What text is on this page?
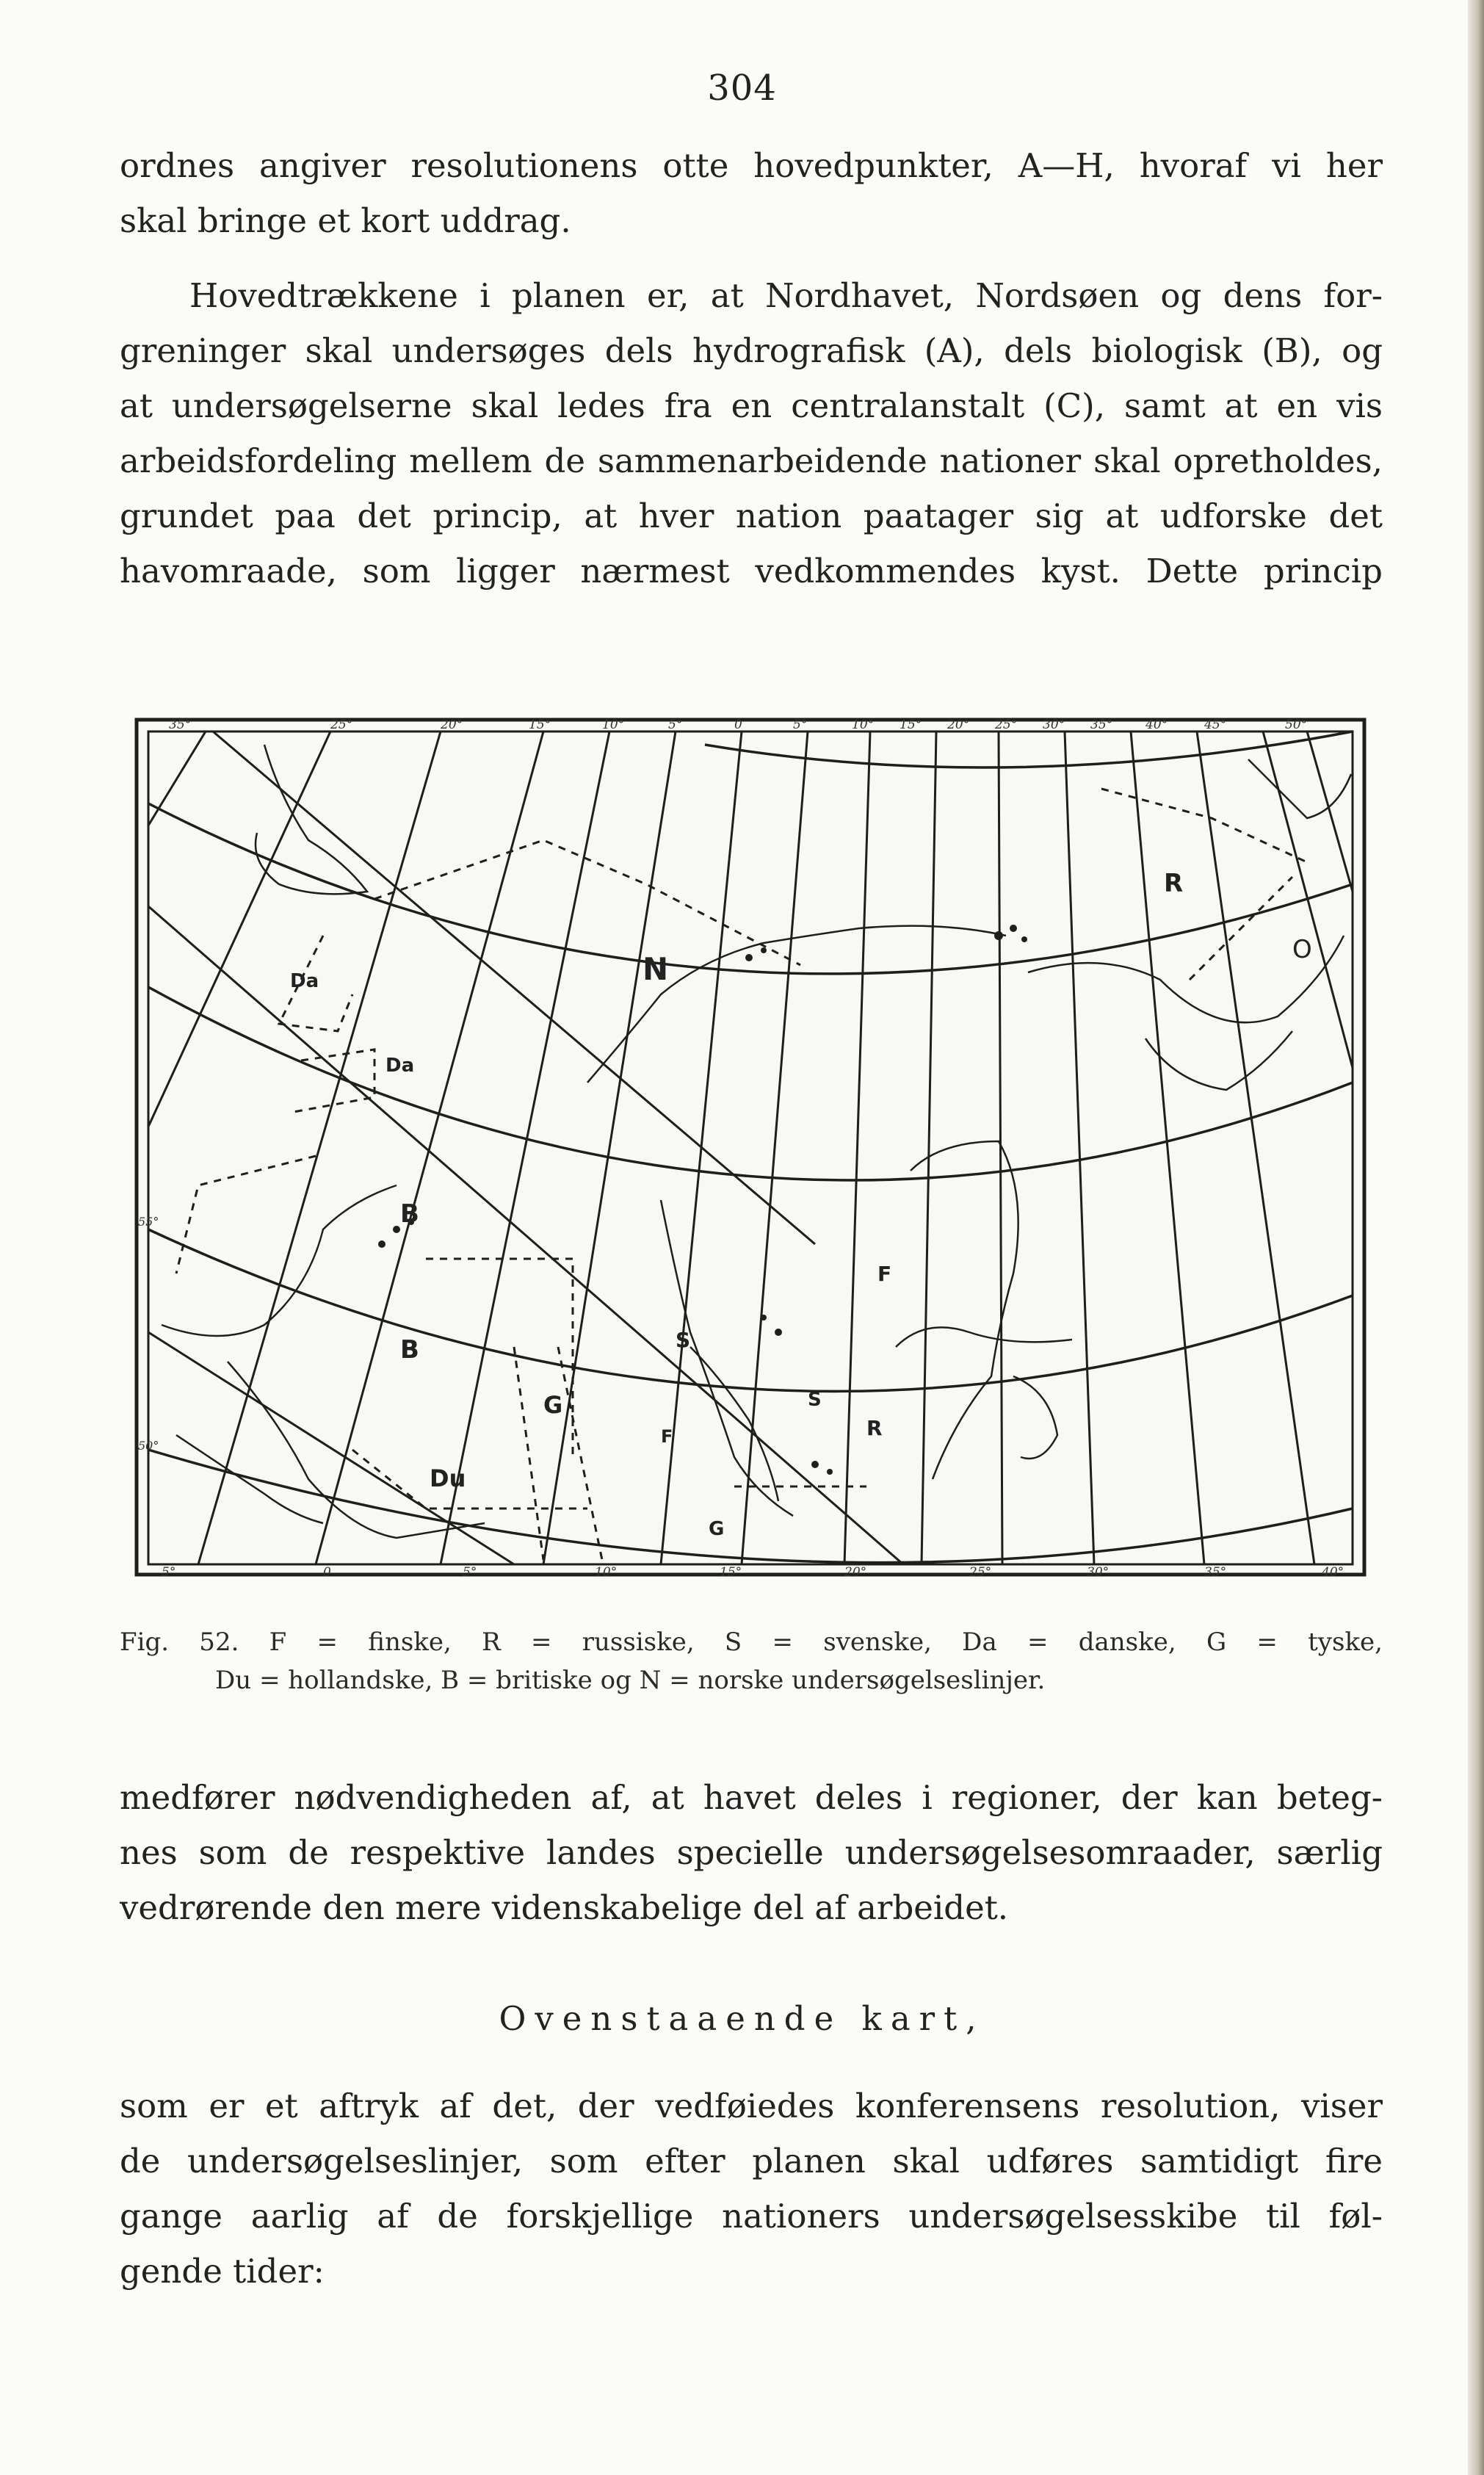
304
ordnes angiver resolutionens otte hovedpunkter, A—H, hvoraf vi her
skal bringe et kort uddrag.
Hovedtrækkene i planen er, at Nordhavet, Nordsøen og dens for-
greninger skal undersøges dels hydrografisk (A), dels biologisk (B), og
at undersøgelserne skal ledes fra en centralanstalt (C), samt at en vis
arbeidsfordeling mellem de sammenarbeidende nationer skal opretholdes,
grundet paa det princip, at hver nation paatager sig at udforske det
havomraade, som ligger nærmest vedkommendes kyst. Dette princip
N
R
O
Da
Da
B
B
Du
G
S
S
F
R
G
F
35°	25°	20°	15°	10°	5°	0	5°	10° 15° 20° 25° 30° 35°	40°	45°	50°
5°	0	5°	10°	15°	20°	25°	30°	35°	40°
55°
50°
Fig. 52. F = finske, R = russiske, S = svenske, Da = danske, G = tyske,
Du = hollandske, B = britiske og N = norske undersøgelseslinjer.
medfører nødvendigheden af, at havet deles i regioner, der kan beteg-
nes som de respektive landes specielle undersøgelsesomraader, særlig
vedrørende den mere videnskabelige del af arbeidet.
Ovenstaaende kart,
som er et aftryk af det, der vedføiedes konferensens resolution, viser
de undersøgelseslinjer, som efter planen skal udføres samtidigt fire
gange aarlig af de forskjellige nationers undersøgelsesskibe til føl-
gende tider:
